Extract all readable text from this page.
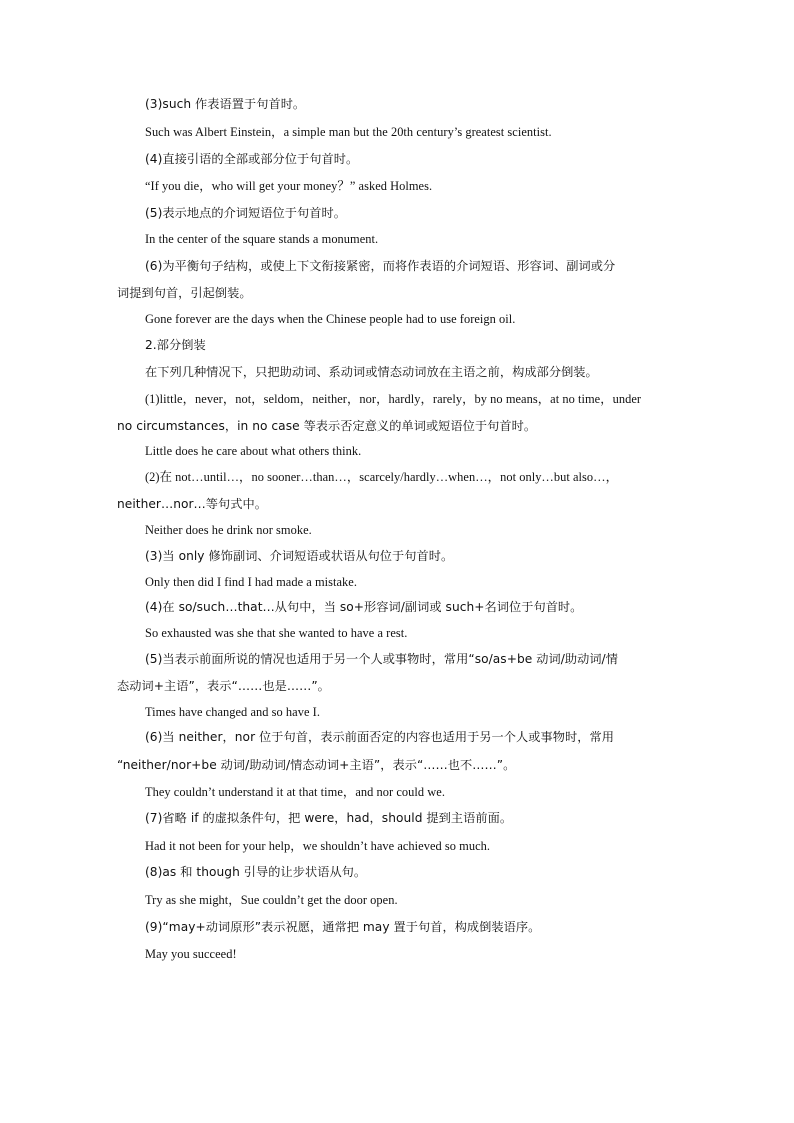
(3)such 作表语置于句首时。
Such was Albert Einstein，a simple man but the 20th century’s greatest scientist.
(4)直接引语的全部或部分位于句首时。
“If you die，who will get your money？” asked Holmes.
(5)表示地点的介词短语位于句首时。
In the center of the square stands a monument.
(6)为平衡句子结构，或使上下文衔接紧密，而将作表语的介词短语、形容词、副词或分
词提到句首，引起倒装。
Gone forever are the days when the Chinese people had to use foreign oil.
2.部分倒装
在下列几种情况下，只把助动词、系动词或情态动词放在主语之前，构成部分倒装。
(1)little，never，not，seldom，neither，nor，hardly，rarely，by no means，at no time，under
no circumstances，in no case 等表示否定意义的单词或短语位于句首时。
Little does he care about what others think.
(2)在 not…until…，no sooner…than…，scarcely/hardly…when…，not only…but also…，
neither…nor…等句式中。
Neither does he drink nor smoke.
(3)当 only 修饰副词、介词短语或状语从句位于句首时。
Only then did I find I had made a mistake.
(4)在 so/such…that…从句中，当 so+形容词/副词或 such+名词位于句首时。
So exhausted was she that she wanted to have a rest.
(5)当表示前面所说的情况也适用于另一个人或事物时，常用“so/as+be 动词/助动词/情
态动词+主语”，表示“……也是……”。
Times have changed and so have I.
(6)当 neither，nor 位于句首，表示前面否定的内容也适用于另一个人或事物时，常用
“neither/nor+be 动词/助动词/情态动词+主语”，表示“……也不……”。
They couldn’t understand it at that time，and nor could we.
(7)省略 if 的虚拟条件句，把 were，had，should 提到主语前面。
Had it not been for your help，we shouldn’t have achieved so much.
(8)as 和 though 引导的让步状语从句。
Try as she might，Sue couldn’t get the door open.
(9)“may+动词原形”表示祝愿，通常把 may 置于句首，构成倒装语序。
May you succeed!
